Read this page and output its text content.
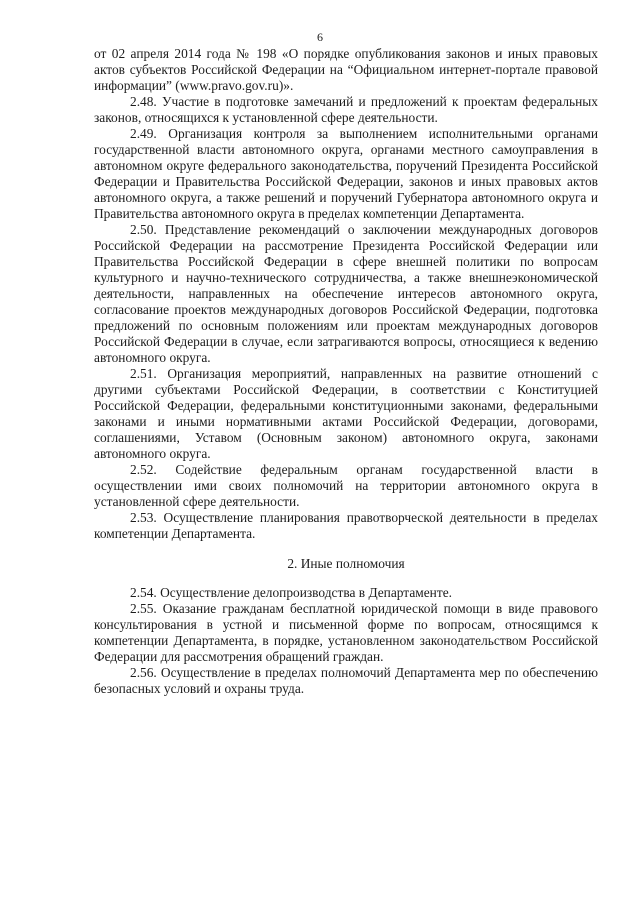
6

от 02 апреля 2014 года № 198 «О порядке опубликования законов и иных правовых актов субъектов Российской Федерации на “Официальном интернет-портале правовой информации” (www.pravo.gov.ru)».

2.48. Участие в подготовке замечаний и предложений к проектам федеральных законов, относящихся к установленной сфере деятельности.

2.49. Организация контроля за выполнением исполнительными органами государственной власти автономного округа, органами местного самоуправления в автономном округе федерального законодательства, поручений Президента Российской Федерации и Правительства Российской Федерации, законов и иных правовых актов автономного округа, а также решений и поручений Губернатора автономного округа и Правительства автономного округа в пределах компетенции Департамента.

2.50. Представление рекомендаций о заключении международных договоров Российской Федерации на рассмотрение Президента Российской Федерации или Правительства Российской Федерации в сфере внешней политики по вопросам культурного и научно-технического сотрудничества, а также внешнеэкономической деятельности, направленных на обеспечение интересов автономного округа, согласование проектов международных договоров Российской Федерации, подготовка предложений по основным положениям или проектам международных договоров Российской Федерации в случае, если затрагиваются вопросы, относящиеся к ведению автономного округа.

2.51. Организация мероприятий, направленных на развитие отношений с другими субъектами Российской Федерации, в соответствии с Конституцией Российской Федерации, федеральными конституционными законами, федеральными законами и иными нормативными актами Российской Федерации, договорами, соглашениями, Уставом (Основным законом) автономного округа, законами автономного округа.

2.52. Содействие федеральным органам государственной власти в осуществлении ими своих полномочий на территории автономного округа в установленной сфере деятельности.

2.53. Осуществление планирования правотворческой деятельности в пределах компетенции Департамента.

2. Иные полномочия

2.54. Осуществление делопроизводства в Департаменте.

2.55. Оказание гражданам бесплатной юридической помощи в виде правового консультирования в устной и письменной форме по вопросам, относящимся к компетенции Департамента, в порядке, установленном законодательством Российской Федерации для рассмотрения обращений граждан.

2.56. Осуществление в пределах полномочий Департамента мер по обеспечению безопасных условий и охраны труда.
